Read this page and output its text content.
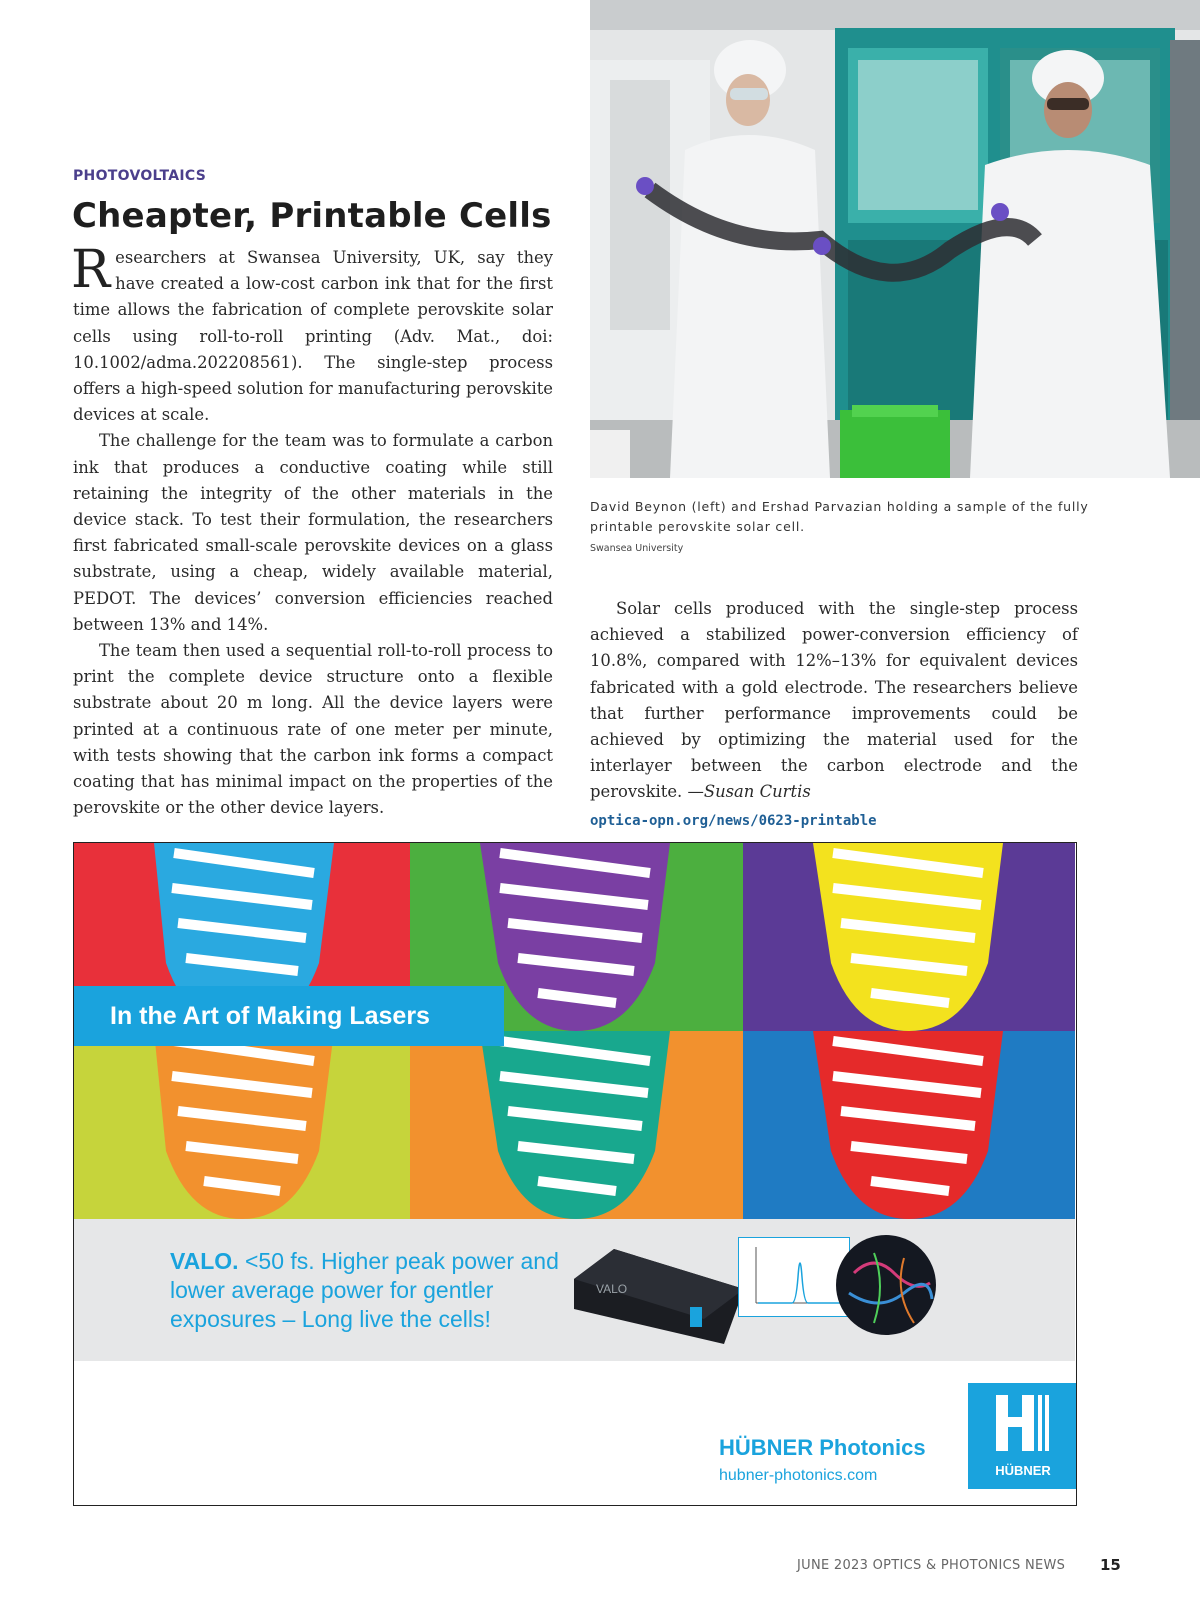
PHOTOVOLTAICS
Cheapter, Printable Cells

Researchers at Swansea University, UK, say they have created a low-cost carbon ink that for the first time allows the fabrication of complete perovskite solar cells using roll-to-roll printing (Adv. Mat., doi: 10.1002/adma.202208561). The single-step process offers a high-speed solution for manufacturing perovskite devices at scale.

The challenge for the team was to formulate a carbon ink that produces a conductive coating while still retaining the integrity of the other materials in the device stack. To test their formulation, the researchers first fabricated small-scale perovskite devices on a glass substrate, using a cheap, widely available material, PEDOT. The devices’ conversion efficiencies reached between 13% and 14%.

The team then used a sequential roll-to-roll process to print the complete device structure onto a flexible substrate about 20 m long. All the device layers were printed at a continuous rate of one meter per minute, with tests showing that the carbon ink forms a compact coating that has minimal impact on the properties of the perovskite or the other device layers.

David Beynon (left) and Ershad Parvazian holding a sample of the fully printable perovskite solar cell.
Swansea University

Solar cells produced with the single-step process achieved a stabilized power-conversion efficiency of 10.8%, compared with 12%–13% for equivalent devices fabricated with a gold electrode. The researchers believe that further performance improvements could be achieved by optimizing the material used for the interlayer between the carbon electrode and the perovskite. —Susan Curtis

optica-opn.org/news/0623-printable
In the Art of Making Lasers
VALO. <50 fs. Higher peak power and lower average power for gentler exposures – Long live the cells!
VALO
HÜBNER Photonics
hubner-photonics.com	HÜBNER
JUNE 2023 OPTICS & PHOTONICS NEWS 15
